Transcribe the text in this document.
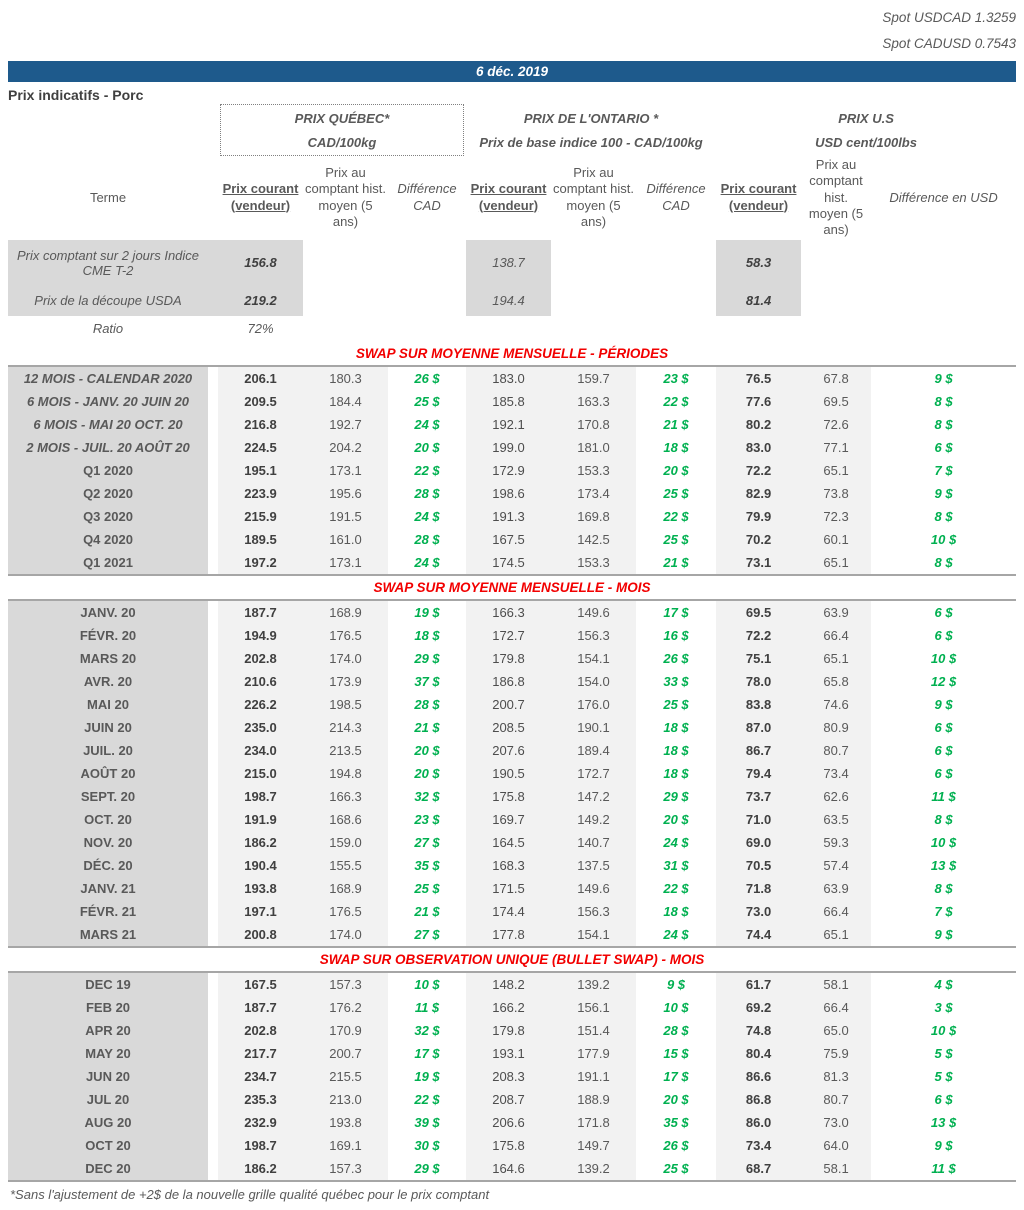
Spot USDCAD 1.3259
Spot CADUSD 0.7543
6 déc. 2019
Prix indicatifs - Porc

PRIX QUÉBEC*
CAD/100kg

PRIX DE L'ONTARIO *
Prix de base indice 100 - CAD/100kg

PRIX U.S
USD cent/100lbs

Terme		Prix courant (vendeur)	Prix au comptant hist. moyen (5 ans)	Différence CAD	Prix courant (vendeur)	Prix au comptant hist. moyen (5 ans)	Différence CAD	Prix courant (vendeur)	Prix au comptant hist. moyen (5 ans)	Différence en USD
Prix comptant sur 2 jours Indice CME T-2		156.8			138.7			58.3		
Prix de la découpe USDA		219.2			194.4			81.4		
Ratio		72%								
SWAP SUR MOYENNE MENSUELLE - PÉRIODES										
12 MOIS - CALENDAR 2020		206.1	180.3	26 $	183.0	159.7	23 $	76.5	67.8	9 $
6 MOIS - JANV. 20 JUIN 20		209.5	184.4	25 $	185.8	163.3	22 $	77.6	69.5	8 $
6 MOIS - MAI 20 OCT. 20		216.8	192.7	24 $	192.1	170.8	21 $	80.2	72.6	8 $
2 MOIS - JUIL. 20 AOÛT 20		224.5	204.2	20 $	199.0	181.0	18 $	83.0	77.1	6 $
Q1 2020		195.1	173.1	22 $	172.9	153.3	20 $	72.2	65.1	7 $
Q2 2020		223.9	195.6	28 $	198.6	173.4	25 $	82.9	73.8	9 $
Q3 2020		215.9	191.5	24 $	191.3	169.8	22 $	79.9	72.3	8 $
Q4 2020		189.5	161.0	28 $	167.5	142.5	25 $	70.2	60.1	10 $
Q1 2021		197.2	173.1	24 $	174.5	153.3	21 $	73.1	65.1	8 $
SWAP SUR MOYENNE MENSUELLE - MOIS										
JANV. 20		187.7	168.9	19 $	166.3	149.6	17 $	69.5	63.9	6 $
FÉVR. 20		194.9	176.5	18 $	172.7	156.3	16 $	72.2	66.4	6 $
MARS 20		202.8	174.0	29 $	179.8	154.1	26 $	75.1	65.1	10 $
AVR. 20		210.6	173.9	37 $	186.8	154.0	33 $	78.0	65.8	12 $
MAI 20		226.2	198.5	28 $	200.7	176.0	25 $	83.8	74.6	9 $
JUIN 20		235.0	214.3	21 $	208.5	190.1	18 $	87.0	80.9	6 $
JUIL. 20		234.0	213.5	20 $	207.6	189.4	18 $	86.7	80.7	6 $
AOÛT 20		215.0	194.8	20 $	190.5	172.7	18 $	79.4	73.4	6 $
SEPT. 20		198.7	166.3	32 $	175.8	147.2	29 $	73.7	62.6	11 $
OCT. 20		191.9	168.6	23 $	169.7	149.2	20 $	71.0	63.5	8 $
NOV. 20		186.2	159.0	27 $	164.5	140.7	24 $	69.0	59.3	10 $
DÉC. 20		190.4	155.5	35 $	168.3	137.5	31 $	70.5	57.4	13 $
JANV. 21		193.8	168.9	25 $	171.5	149.6	22 $	71.8	63.9	8 $
FÉVR. 21		197.1	176.5	21 $	174.4	156.3	18 $	73.0	66.4	7 $
MARS 21		200.8	174.0	27 $	177.8	154.1	24 $	74.4	65.1	9 $
SWAP SUR OBSERVATION UNIQUE (BULLET SWAP) - MOIS										
DEC 19		167.5	157.3	10 $	148.2	139.2	9 $	61.7	58.1	4 $
FEB 20		187.7	176.2	11 $	166.2	156.1	10 $	69.2	66.4	3 $
APR 20		202.8	170.9	32 $	179.8	151.4	28 $	74.8	65.0	10 $
MAY 20		217.7	200.7	17 $	193.1	177.9	15 $	80.4	75.9	5 $
JUN 20		234.7	215.5	19 $	208.3	191.1	17 $	86.6	81.3	5 $
JUL 20		235.3	213.0	22 $	208.7	188.9	20 $	86.8	80.7	6 $
AUG 20		232.9	193.8	39 $	206.6	171.8	35 $	86.0	73.0	13 $
OCT 20		198.7	169.1	30 $	175.8	149.7	26 $	73.4	64.0	9 $
DEC 20		186.2	157.3	29 $	164.6	139.2	25 $	68.7	58.1	11 $
*Sans l'ajustement de +2$ de la nouvelle grille qualité québec pour le prix comptant
